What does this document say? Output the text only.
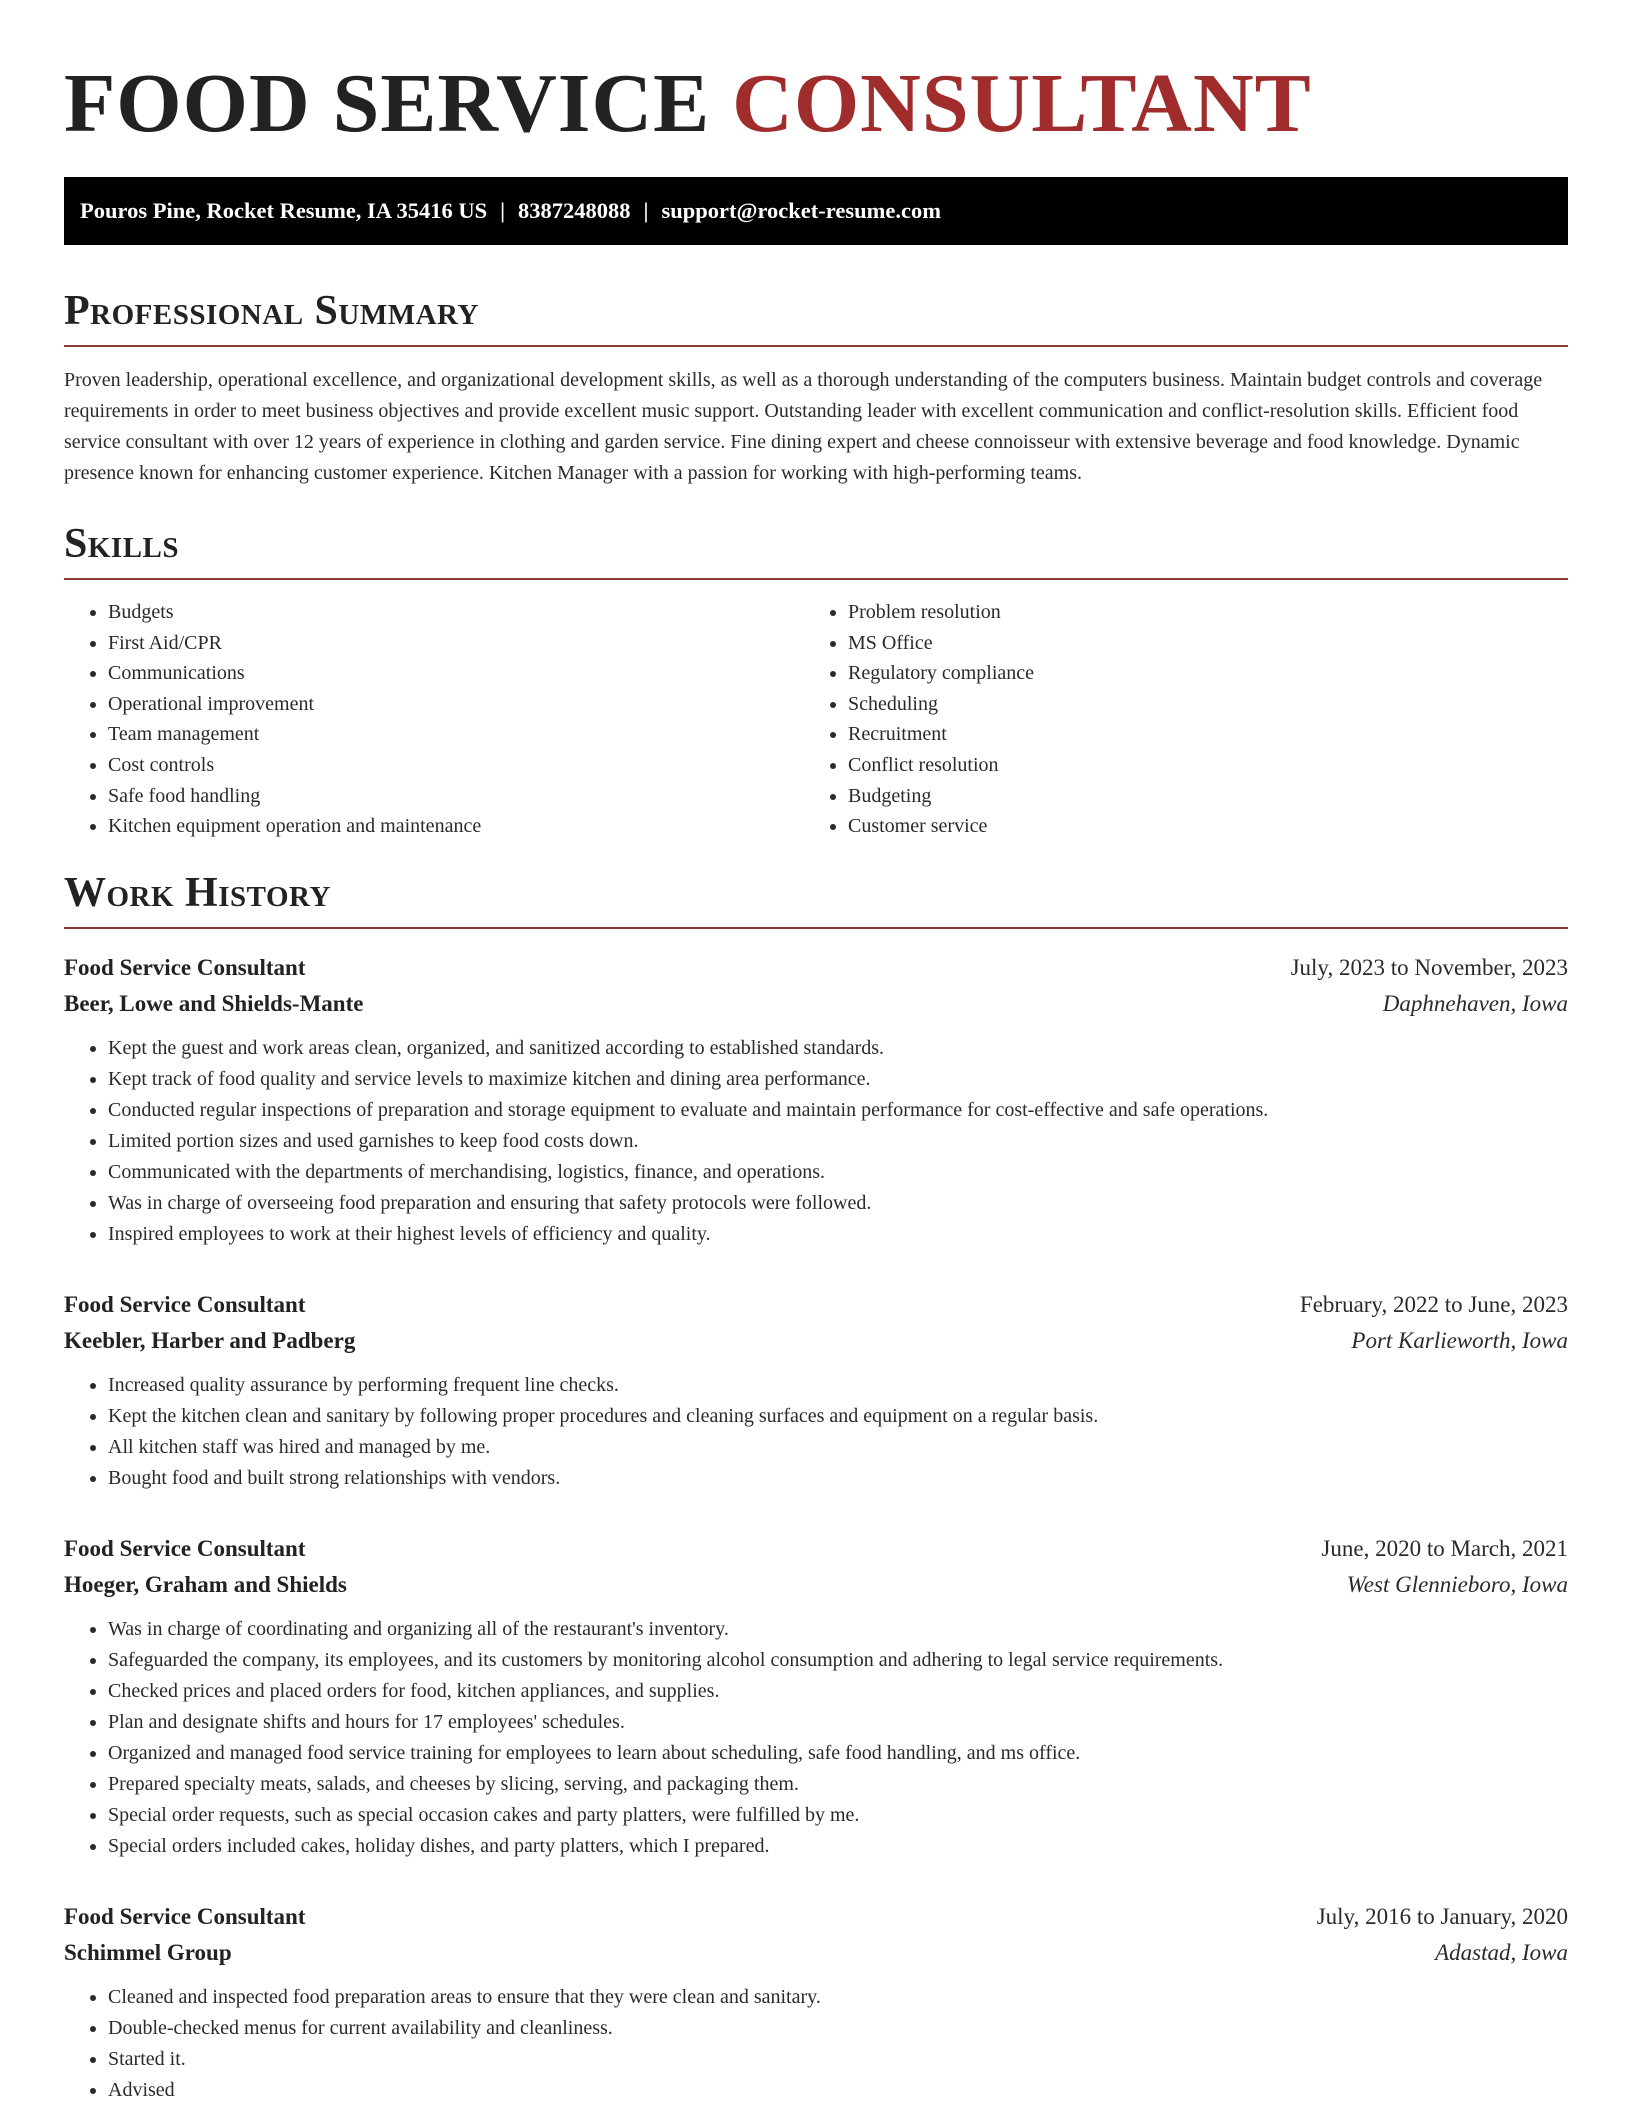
FOOD SERVICE CONSULTANT
Pouros Pine, Rocket Resume, IA 35416 US | 8387248088 | support@rocket-resume.com
Professional Summary

Proven leadership, operational excellence, and organizational development skills, as well as a thorough understanding of the computers business. Maintain budget controls and coverage requirements in order to meet business objectives and provide excellent music support. Outstanding leader with excellent communication and conflict-resolution skills. Efficient food service consultant with over 12 years of experience in clothing and garden service. Fine dining expert and cheese connoisseur with extensive beverage and food knowledge. Dynamic presence known for enhancing customer experience. Kitchen Manager with a passion for working with high-performing teams.

Skills
• Budgets
• First Aid/CPR
• Communications
• Operational improvement
• Team management
• Cost controls
• Safe food handling
• Kitchen equipment operation and maintenance
• Problem resolution
• MS Office
• Regulatory compliance
• Scheduling
• Recruitment
• Conflict resolution
• Budgeting
• Customer service
Work History
Food Service Consultant	July, 2023 to November, 2023
Beer, Lowe and Shields-Mante	Daphnehaven, Iowa
• Kept the guest and work areas clean, organized, and sanitized according to established standards.
• Kept track of food quality and service levels to maximize kitchen and dining area performance.
• Conducted regular inspections of preparation and storage equipment to evaluate and maintain performance for cost-effective and safe operations.
• Limited portion sizes and used garnishes to keep food costs down.
• Communicated with the departments of merchandising, logistics, finance, and operations.
• Was in charge of overseeing food preparation and ensuring that safety protocols were followed.
• Inspired employees to work at their highest levels of efficiency and quality.
Food Service Consultant	February, 2022 to June, 2023
Keebler, Harber and Padberg	Port Karlieworth, Iowa
• Increased quality assurance by performing frequent line checks.
• Kept the kitchen clean and sanitary by following proper procedures and cleaning surfaces and equipment on a regular basis.
• All kitchen staff was hired and managed by me.
• Bought food and built strong relationships with vendors.
Food Service Consultant	June, 2020 to March, 2021
Hoeger, Graham and Shields	West Glennieboro, Iowa
• Was in charge of coordinating and organizing all of the restaurant's inventory.
• Safeguarded the company, its employees, and its customers by monitoring alcohol consumption and adhering to legal service requirements.
• Checked prices and placed orders for food, kitchen appliances, and supplies.
• Plan and designate shifts and hours for 17 employees' schedules.
• Organized and managed food service training for employees to learn about scheduling, safe food handling, and ms office.
• Prepared specialty meats, salads, and cheeses by slicing, serving, and packaging them.
• Special order requests, such as special occasion cakes and party platters, were fulfilled by me.
• Special orders included cakes, holiday dishes, and party platters, which I prepared.
Food Service Consultant	July, 2016 to January, 2020
Schimmel Group	Adastad, Iowa
• Cleaned and inspected food preparation areas to ensure that they were clean and sanitary.
• Double-checked menus for current availability and cleanliness.
• Started it.
• Advised
